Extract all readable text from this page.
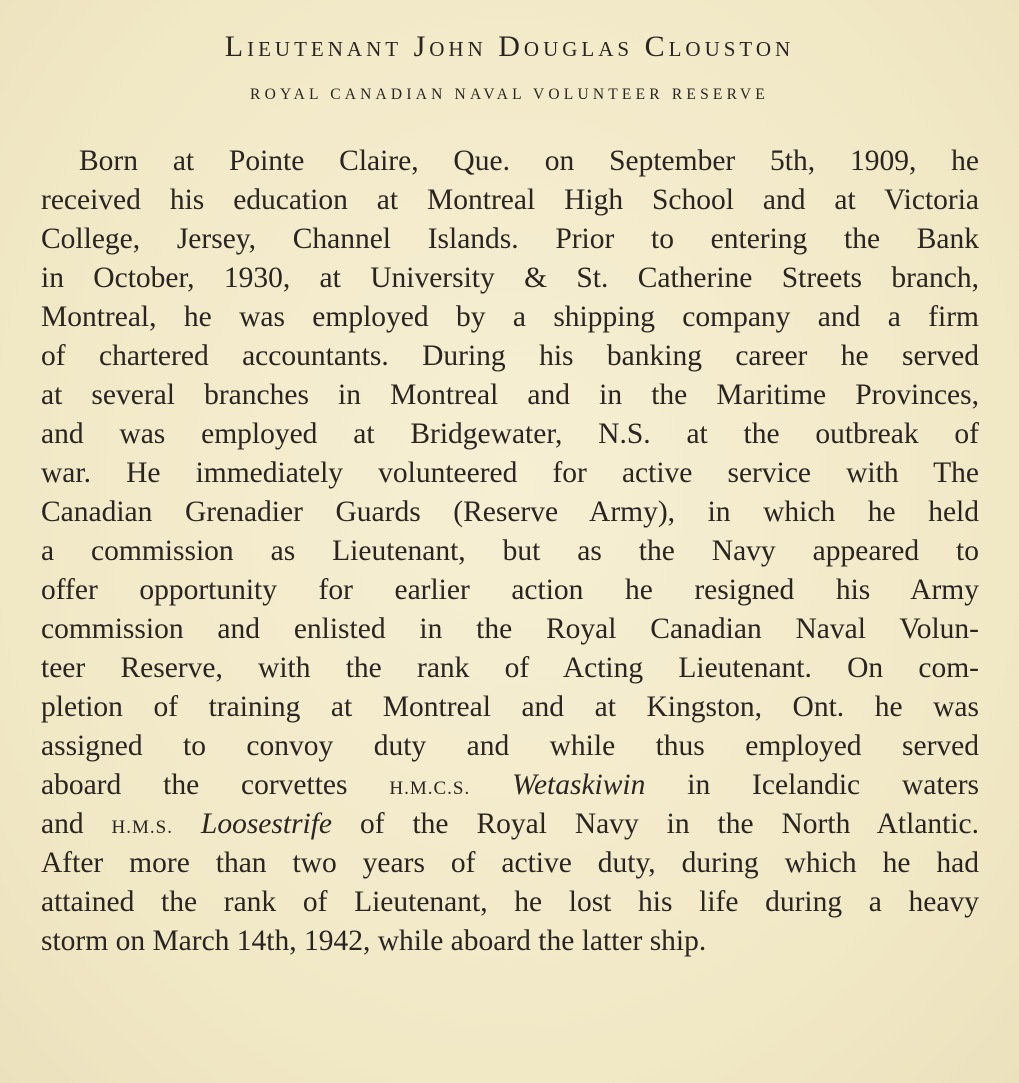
Lieutenant John Douglas Clouston
ROYAL CANADIAN NAVAL VOLUNTEER RESERVE
Born at Pointe Claire, Que. on September 5th, 1909, he
received his education at Montreal High School and at Victoria
College, Jersey, Channel Islands. Prior to entering the Bank
in October, 1930, at University & St. Catherine Streets branch,
Montreal, he was employed by a shipping company and a firm
of chartered accountants. During his banking career he served
at several branches in Montreal and in the Maritime Provinces,
and was employed at Bridgewater, N.S. at the outbreak of
war. He immediately volunteered for active service with The
Canadian Grenadier Guards (Reserve Army), in which he held
a commission as Lieutenant, but as the Navy appeared to
offer opportunity for earlier action he resigned his Army
commission and enlisted in the Royal Canadian Naval Volun-
teer Reserve, with the rank of Acting Lieutenant. On com-
pletion of training at Montreal and at Kingston, Ont. he was
assigned to convoy duty and while thus employed served
aboard the corvettes H.M.C.S. Wetaskiwin in Icelandic waters
and H.M.S. Loosestrife of the Royal Navy in the North Atlantic.
After more than two years of active duty, during which he had
attained the rank of Lieutenant, he lost his life during a heavy
storm on March 14th, 1942, while aboard the latter ship.
